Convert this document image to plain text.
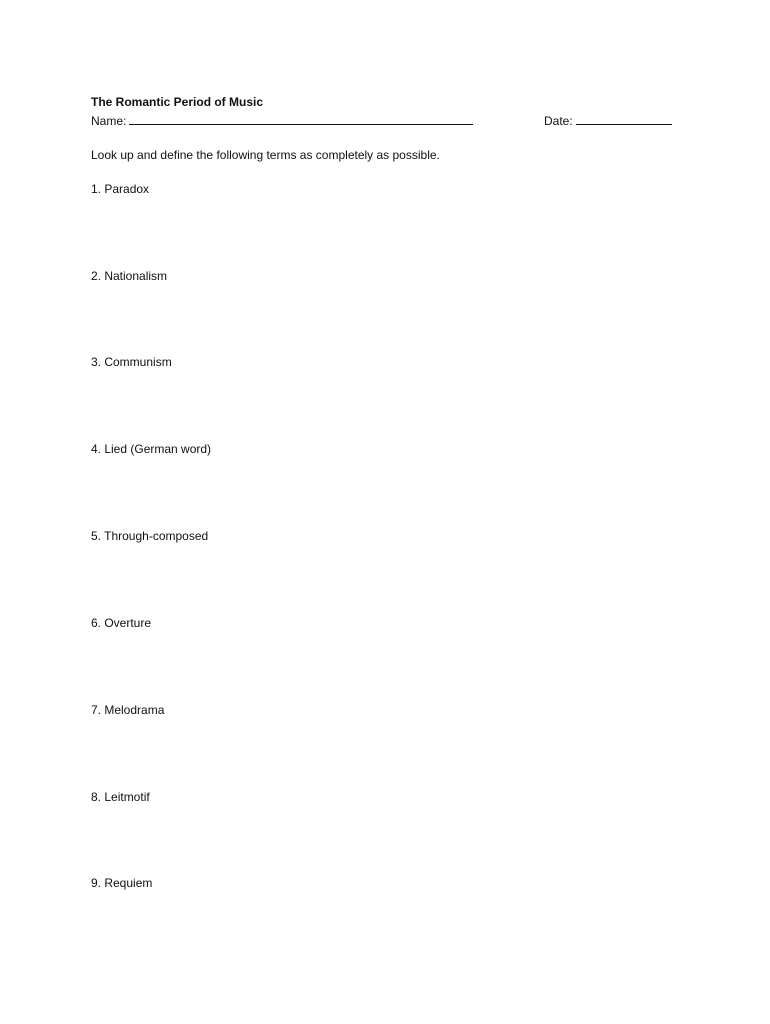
The Romantic Period of Music
Name:	Date:
Look up and define the following terms as completely as possible.
1. Paradox
2. Nationalism
3. Communism
4. Lied (German word)
5. Through-composed
6. Overture
7. Melodrama
8. Leitmotif
9. Requiem
